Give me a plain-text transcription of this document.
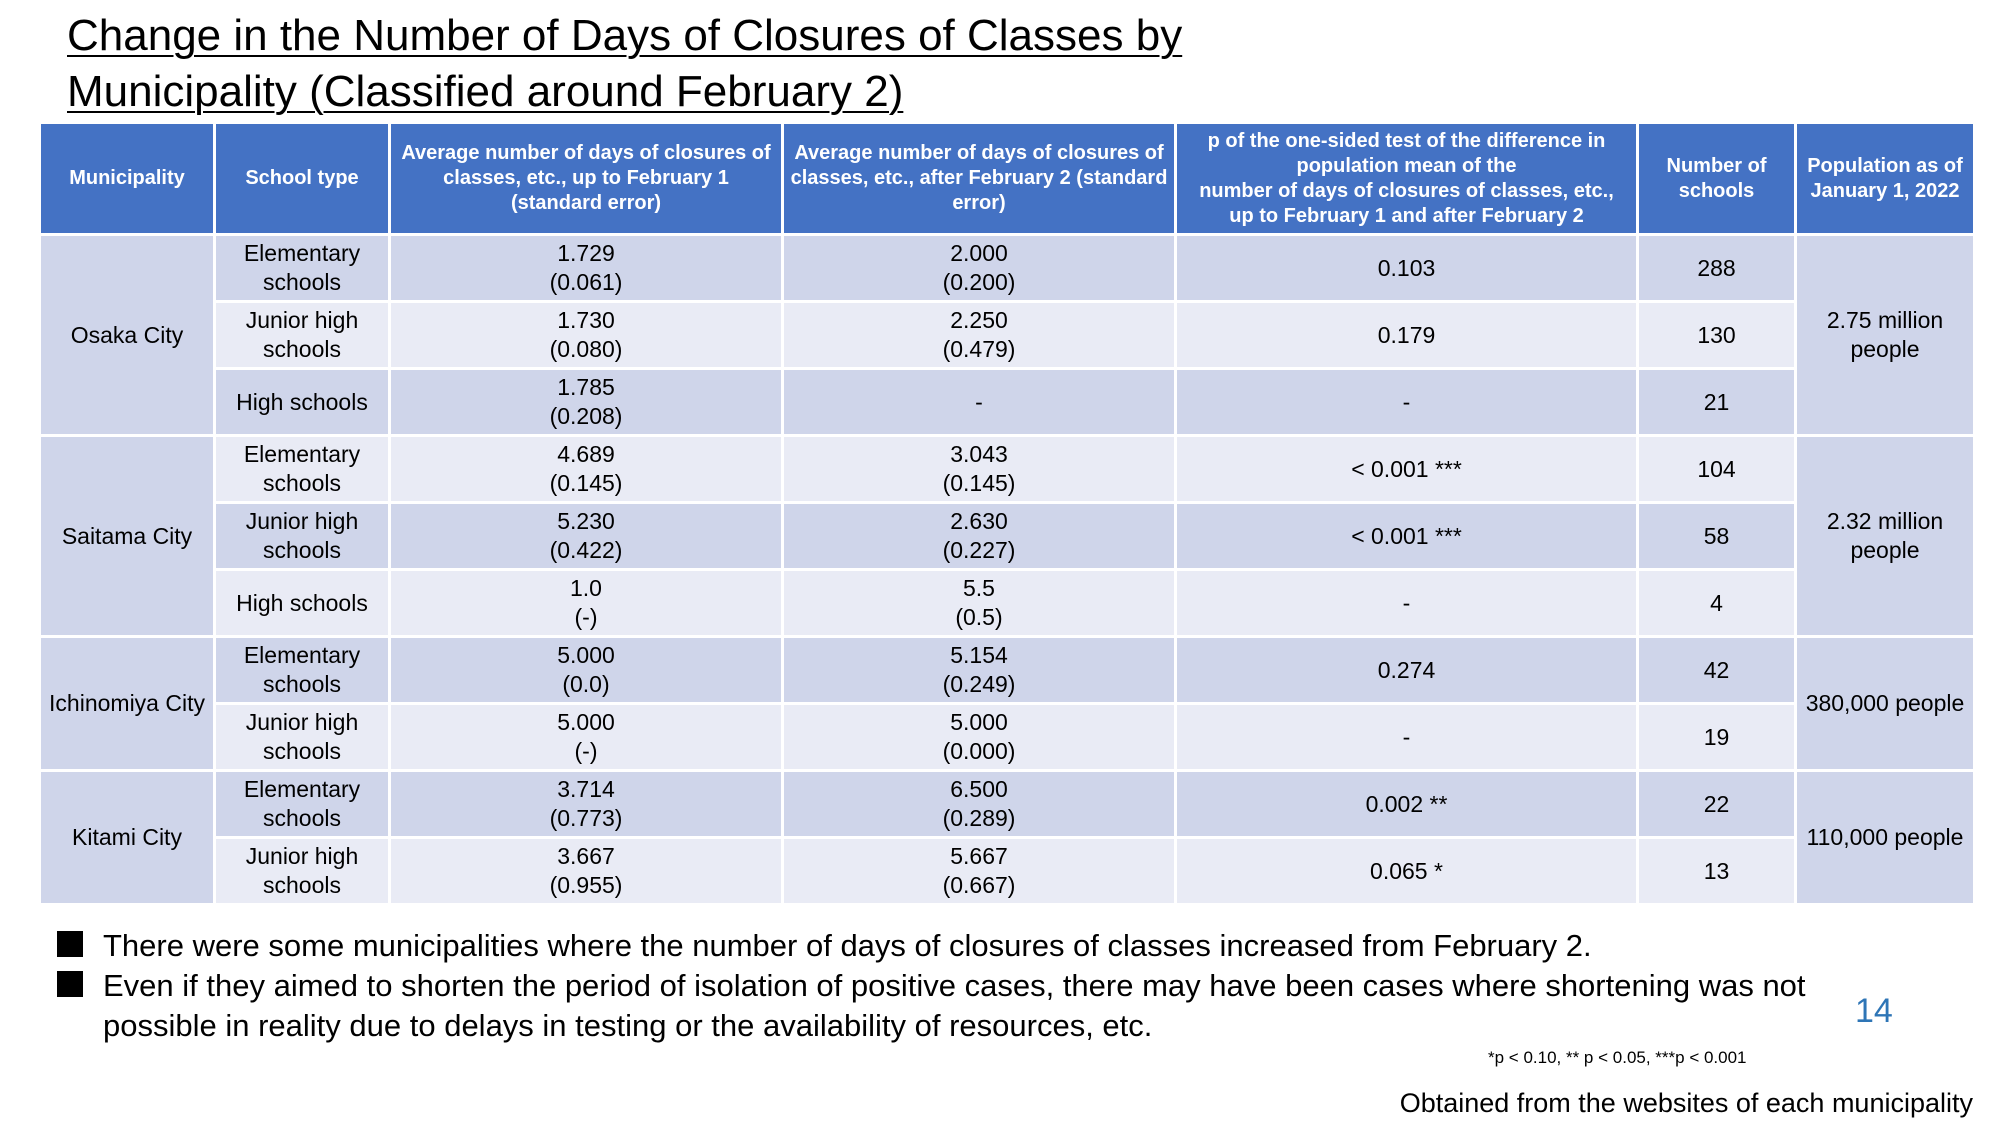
Change in the Number of Days of Closures of Classes by
Municipality (Classified around February 2)
Municipality	School type	Average number of days of closures of classes, etc., up to February 1 (standard error)	Average number of days of closures of classes, etc., after February 2 (standard error)	p of the one-sided test of the difference in
population mean of the
number of days of closures of classes, etc.,
up to February 1 and after February 2	Number of schools	Population as of January 1, 2022
Osaka City	Elementary schools	1.729
(0.061)	2.000
(0.200)	0.103	288	2.75 million people
	Junior high schools	1.730
(0.080)	2.250
(0.479)	0.179	130	
	High schools	1.785
(0.208)	-	-	21	
Saitama City	Elementary schools	4.689
(0.145)	3.043
(0.145)	< 0.001 ***	104	2.32 million people
	Junior high schools	5.230
(0.422)	2.630
(0.227)	< 0.001 ***	58	
	High schools	1.0
(-)	5.5
(0.5)	-	4	
Ichinomiya City	Elementary schools	5.000
(0.0)	5.154
(0.249)	0.274	42	380,000 people
	Junior high schools	5.000
(-)	5.000
(0.000)	-	19	
Kitami City	Elementary schools	3.714
(0.773)	6.500
(0.289)	0.002 **	22	110,000 people
	Junior high schools	3.667
(0.955)	5.667
(0.667)	0.065 *	13	
There were some municipalities where the number of days of closures of classes increased from February 2.
Even if they aimed to shorten the period of isolation of positive cases, there may have been cases where shortening was not possible in reality due to delays in testing or the availability of resources, etc.	14
*p < 0.10, ** p < 0.05, ***p < 0.001
Obtained from the websites of each municipality
